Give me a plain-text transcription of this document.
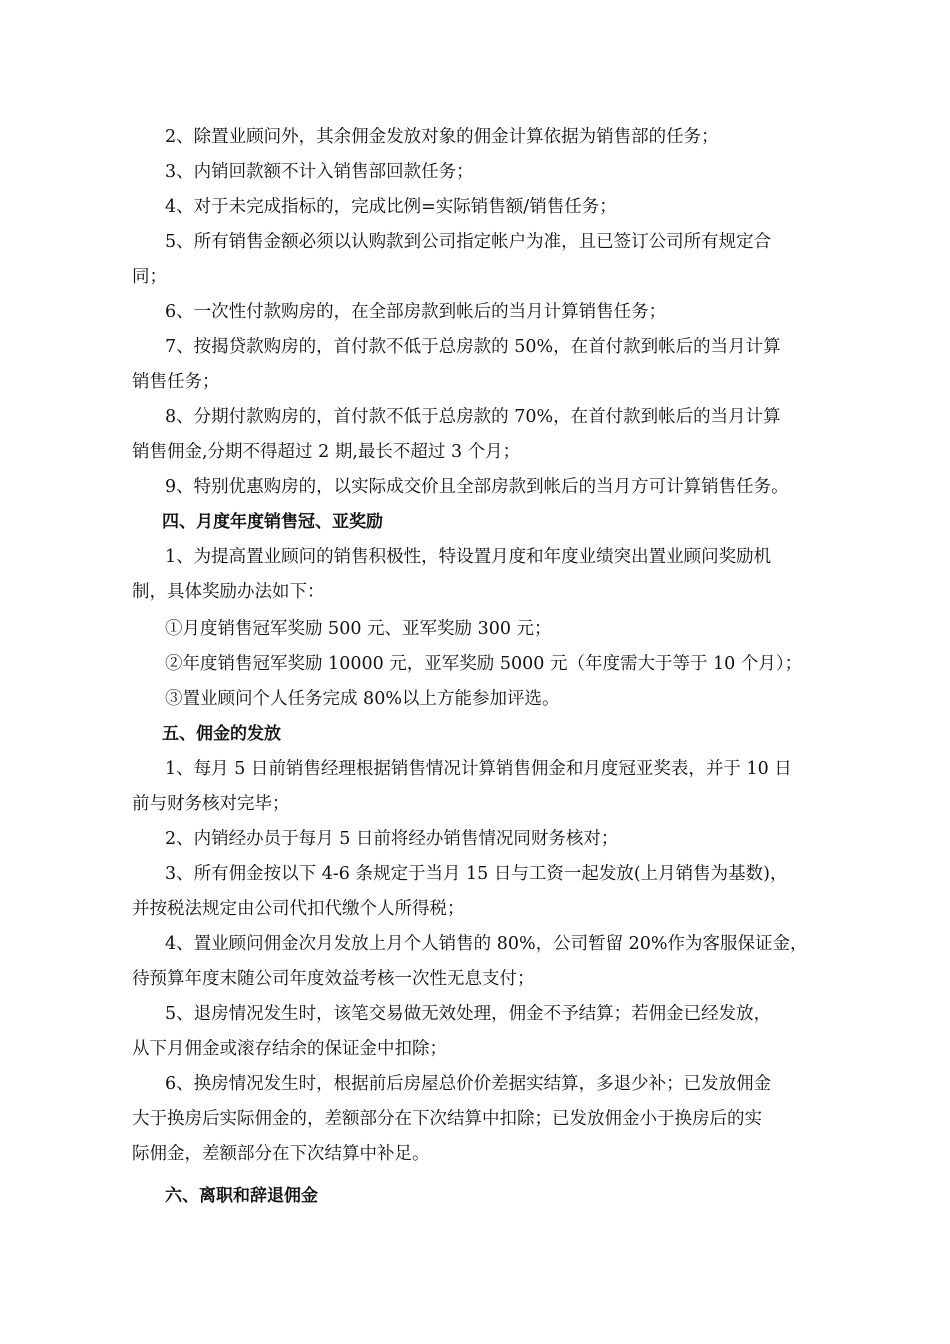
2、除置业顾问外，其余佣金发放对象的佣金计算依据为销售部的任务；
3、内销回款额不计入销售部回款任务；
4、对于未完成指标的，完成比例=实际销售额/销售任务；
5、所有销售金额必须以认购款到公司指定帐户为准，且已签订公司所有规定合
同；
6、一次性付款购房的，在全部房款到帐后的当月计算销售任务；
7、按揭贷款购房的，首付款不低于总房款的 50%，在首付款到帐后的当月计算
销售任务；
8、分期付款购房的，首付款不低于总房款的 70%，在首付款到帐后的当月计算
销售佣金,分期不得超过 2 期,最长不超过 3 个月；
9、特别优惠购房的，以实际成交价且全部房款到帐后的当月方可计算销售任务。
四、月度年度销售冠、亚奖励
1、为提高置业顾问的销售积极性，特设置月度和年度业绩突出置业顾问奖励机
制，具体奖励办法如下：
①月度销售冠军奖励 500 元、亚军奖励 300 元；
②年度销售冠军奖励 10000 元，亚军奖励 5000 元（年度需大于等于 10 个月）；
③置业顾问个人任务完成 80%以上方能参加评选。
五、佣金的发放
1、每月 5 日前销售经理根据销售情况计算销售佣金和月度冠亚奖表，并于 10 日
前与财务核对完毕；
2、内销经办员于每月 5 日前将经办销售情况同财务核对；
3、所有佣金按以下 4-6 条规定于当月 15 日与工资一起发放(上月销售为基数)，
并按税法规定由公司代扣代缴个人所得税；
4、置业顾问佣金次月发放上月个人销售的 80%，公司暂留 20%作为客服保证金，
待预算年度末随公司年度效益考核一次性无息支付；
5、退房情况发生时，该笔交易做无效处理，佣金不予结算；若佣金已经发放，
从下月佣金或滚存结余的保证金中扣除；
6、换房情况发生时，根据前后房屋总价价差据实结算，多退少补；已发放佣金
大于换房后实际佣金的，差额部分在下次结算中扣除；已发放佣金小于换房后的实
际佣金，差额部分在下次结算中补足。
六、离职和辞退佣金
